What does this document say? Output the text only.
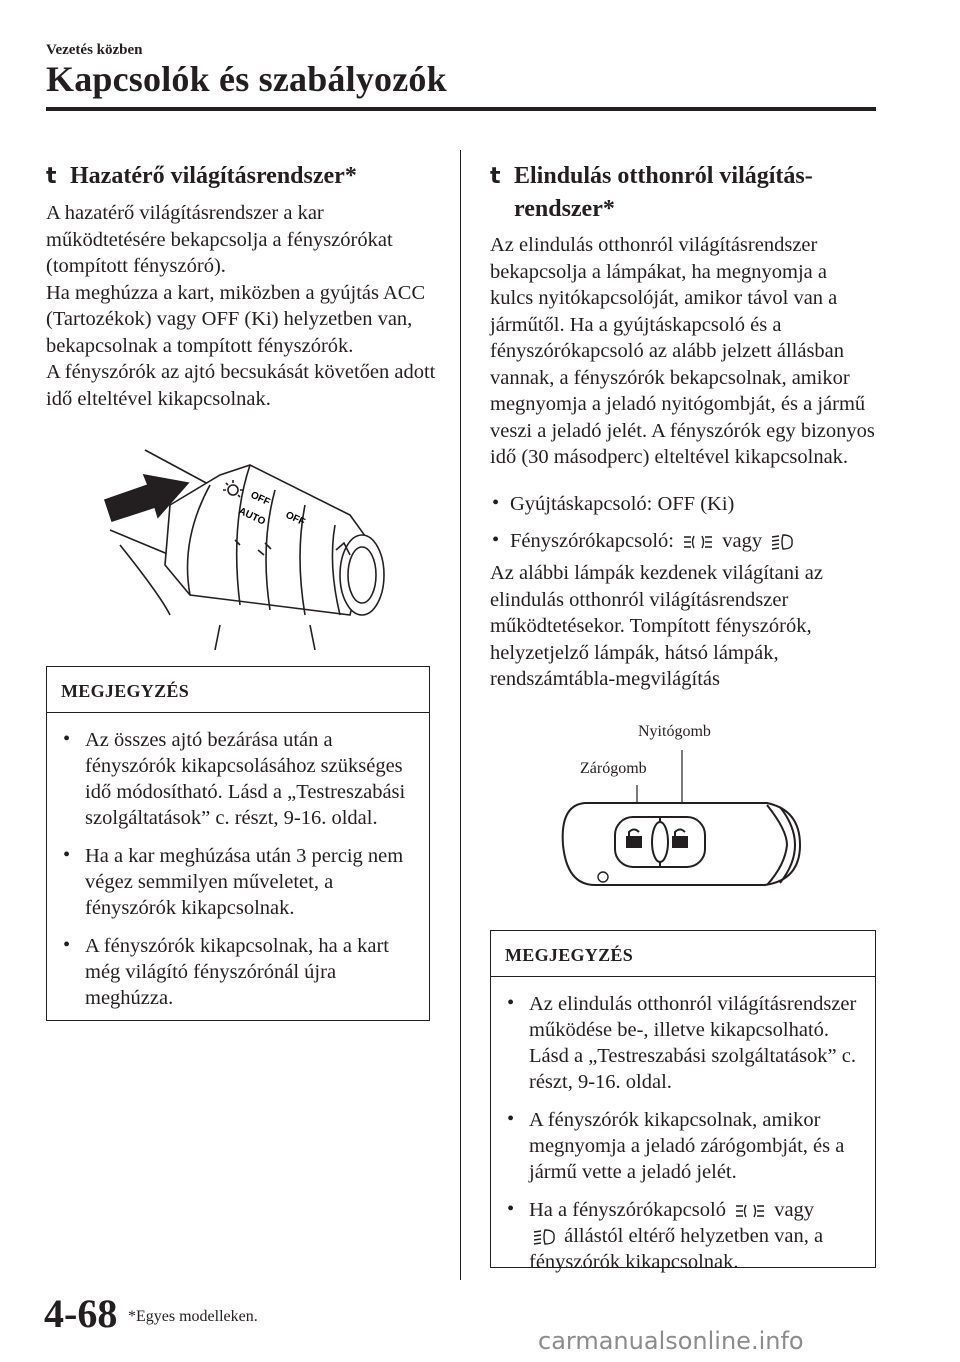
Vezetés közben
Kapcsolók és szabályozók
t Hazatérő világításrendszer*

A hazatérő világításrendszer a kar működtetésére bekapcsolja a fényszórókat (tompított fényszóró).

Ha meghúzza a kart, miközben a gyújtás ACC (Tartozékok) vagy OFF (Ki) helyzetben van, bekapcsolnak a tompított fényszórók.

A fényszórók az ajtó becsukását követően adott idő elteltével kikapcsolnak.

OFF
AUTO OFF
MEGJEGYZÉS
• Az összes ajtó bezárása után a fényszórók kikapcsolásához szükséges idő módosítható. Lásd a „Testreszabási szolgáltatások” c. részt, 9-16. oldal.
• Ha a kar meghúzása után 3 percig nem végez semmilyen műveletet, a fényszórók kikapcsolnak.
• A fényszórók kikapcsolnak, ha a kart még világító fényszórónál újra meghúzza.
t Elindulás otthonról világítás-
rendszer*
Az elindulás otthonról világításrendszer bekapcsolja a lámpákat, ha megnyomja a kulcs nyitókapcsolóját, amikor távol van a járműtől. Ha a gyújtáskapcsoló és a fényszórókapcsoló az alább jelzett állásban vannak, a fényszórók bekapcsolnak, amikor megnyomja a jeladó nyitógombját, és a jármű veszi a jeladó jelét. A fényszórók egy bizonyos idő (30 másodperc) elteltével kikapcsolnak.
• Gyújtáskapcsoló: OFF (Ki)
• Fényszórókapcsoló: vagy
Az alábbi lámpák kezdenek világítani az elindulás otthonról világításrendszer működtetésekor. Tompított fényszórók, helyzetjelző lámpák, hátsó lámpák, rendszámtábla-megvilágítás
Nyitógomb
Zárógomb
MEGJEGYZÉS
• Az elindulás otthonról világításrendszer működése be-, illetve kikapcsolható. Lásd a „Testreszabási szolgáltatások” c. részt, 9-16. oldal.
• A fényszórók kikapcsolnak, amikor megnyomja a jeladó zárógombját, és a jármű vette a jeladó jelét.
• Ha a fényszórókapcsoló vagy
állástól eltérő helyzetben van, a fényszórók kikapcsolnak.
4-68 *Egyes modelleken.
carmanualsonline.info
